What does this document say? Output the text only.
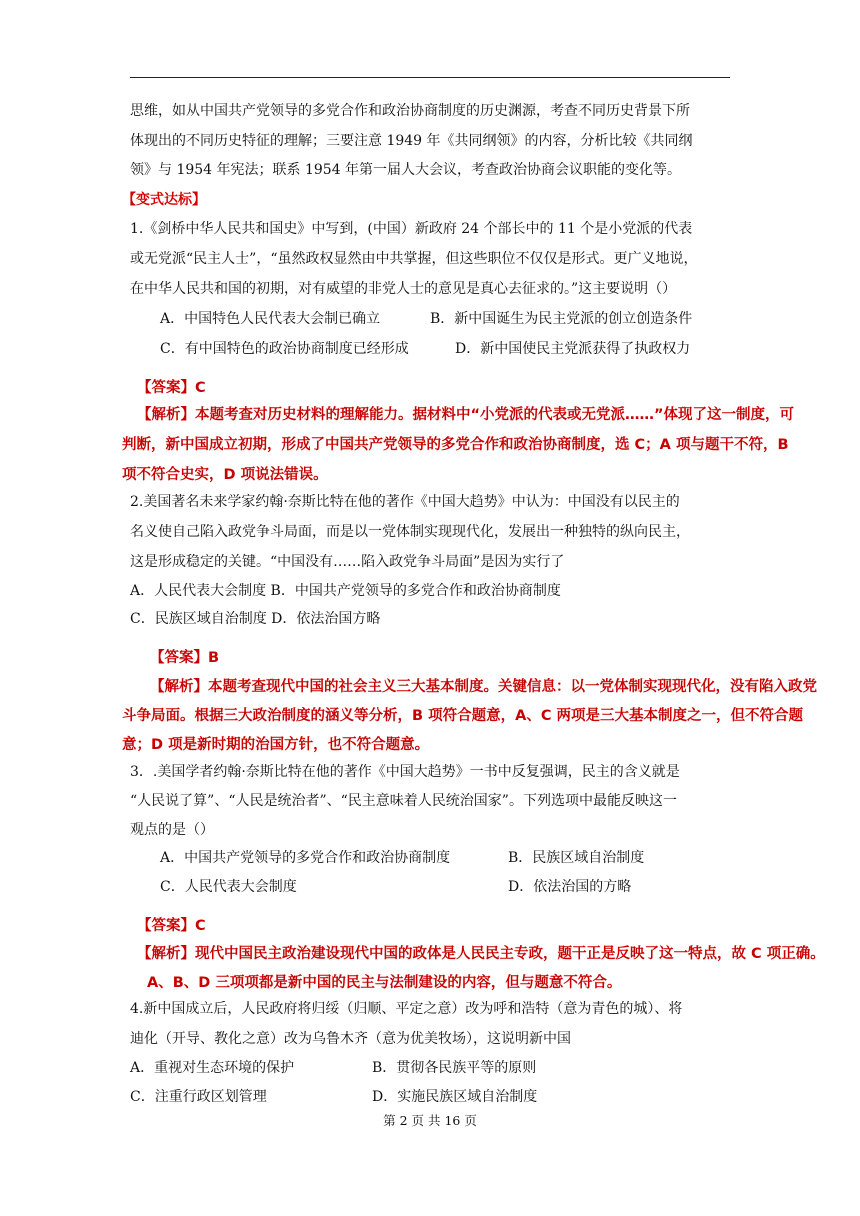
思维，如从中国共产党领导的多党合作和政治协商制度的历史渊源，考查不同历史背景下所
体现出的不同历史特征的理解；三要注意 1949 年《共同纲领》的内容，分析比较《共同纲
领》与 1954 年宪法；联系 1954 年第一届人大会议，考查政治协商会议职能的变化等。
【变式达标】
1.《剑桥中华人民共和国史》中写到，(中国）新政府 24 个部长中的 11 个是小党派的代表
或无党派“民主人士”，“虽然政权显然由中共掌握，但这些职位不仅仅是形式。更广义地说，
在中华人民共和国的初期，对有威望的非党人士的意见是真心去征求的。”这主要说明（）
A．中国特色人民代表大会制已确立	B．新中国诞生为民主党派的创立创造条件
C．有中国特色的政治协商制度已经形成	D．新中国使民主党派获得了执政权力
【答案】C
【解析】本题考查对历史材料的理解能力。据材料中“小党派的代表或无党派……”体现了这一制度，可
判断，新中国成立初期，形成了中国共产党领导的多党合作和政治协商制度，选 C；A 项与题干不符，B
项不符合史实，D 项说法错误。
2.美国著名未来学家约翰·奈斯比特在他的著作《中国大趋势》中认为：中国没有以民主的
名义使自己陷入政党争斗局面，而是以一党体制实现现代化，发展出一种独特的纵向民主，
这是形成稳定的关键。“中国没有……陷入政党争斗局面”是因为实行了
A．人民代表大会制度 B．中国共产党领导的多党合作和政治协商制度
C．民族区域自治制度 D．依法治国方略
【答案】B
【解析】本题考查现代中国的社会主义三大基本制度。关键信息：以一党体制实现现代化，没有陷入政党
斗争局面。根据三大政治制度的涵义等分析，B 项符合题意，A、C 两项是三大基本制度之一，但不符合题
意；D 项是新时期的治国方针，也不符合题意。
3．.美国学者约翰·奈斯比特在他的著作《中国大趋势》一书中反复强调，民主的含义就是
“人民说了算”、“人民是统治者”、“民主意味着人民统治国家”。下列选项中最能反映这一
观点的是（）
A．中国共产党领导的多党合作和政治协商制度	B．民族区域自治制度
C．人民代表大会制度	D．依法治国的方略
【答案】C
【解析】现代中国民主政治建设现代中国的政体是人民民主专政，题干正是反映了这一特点，故 C 项正确。
A、B、D 三项项都是新中国的民主与法制建设的内容，但与题意不符合。
4.新中国成立后，人民政府将归绥（归顺、平定之意）改为呼和浩特（意为青色的城）、将
迪化（开导、教化之意）改为乌鲁木齐（意为优美牧场），这说明新中国
A．重视对生态环境的保护	B．贯彻各民族平等的原则
C．注重行政区划管理	D．实施民族区域自治制度
第 2 页 共 16 页
